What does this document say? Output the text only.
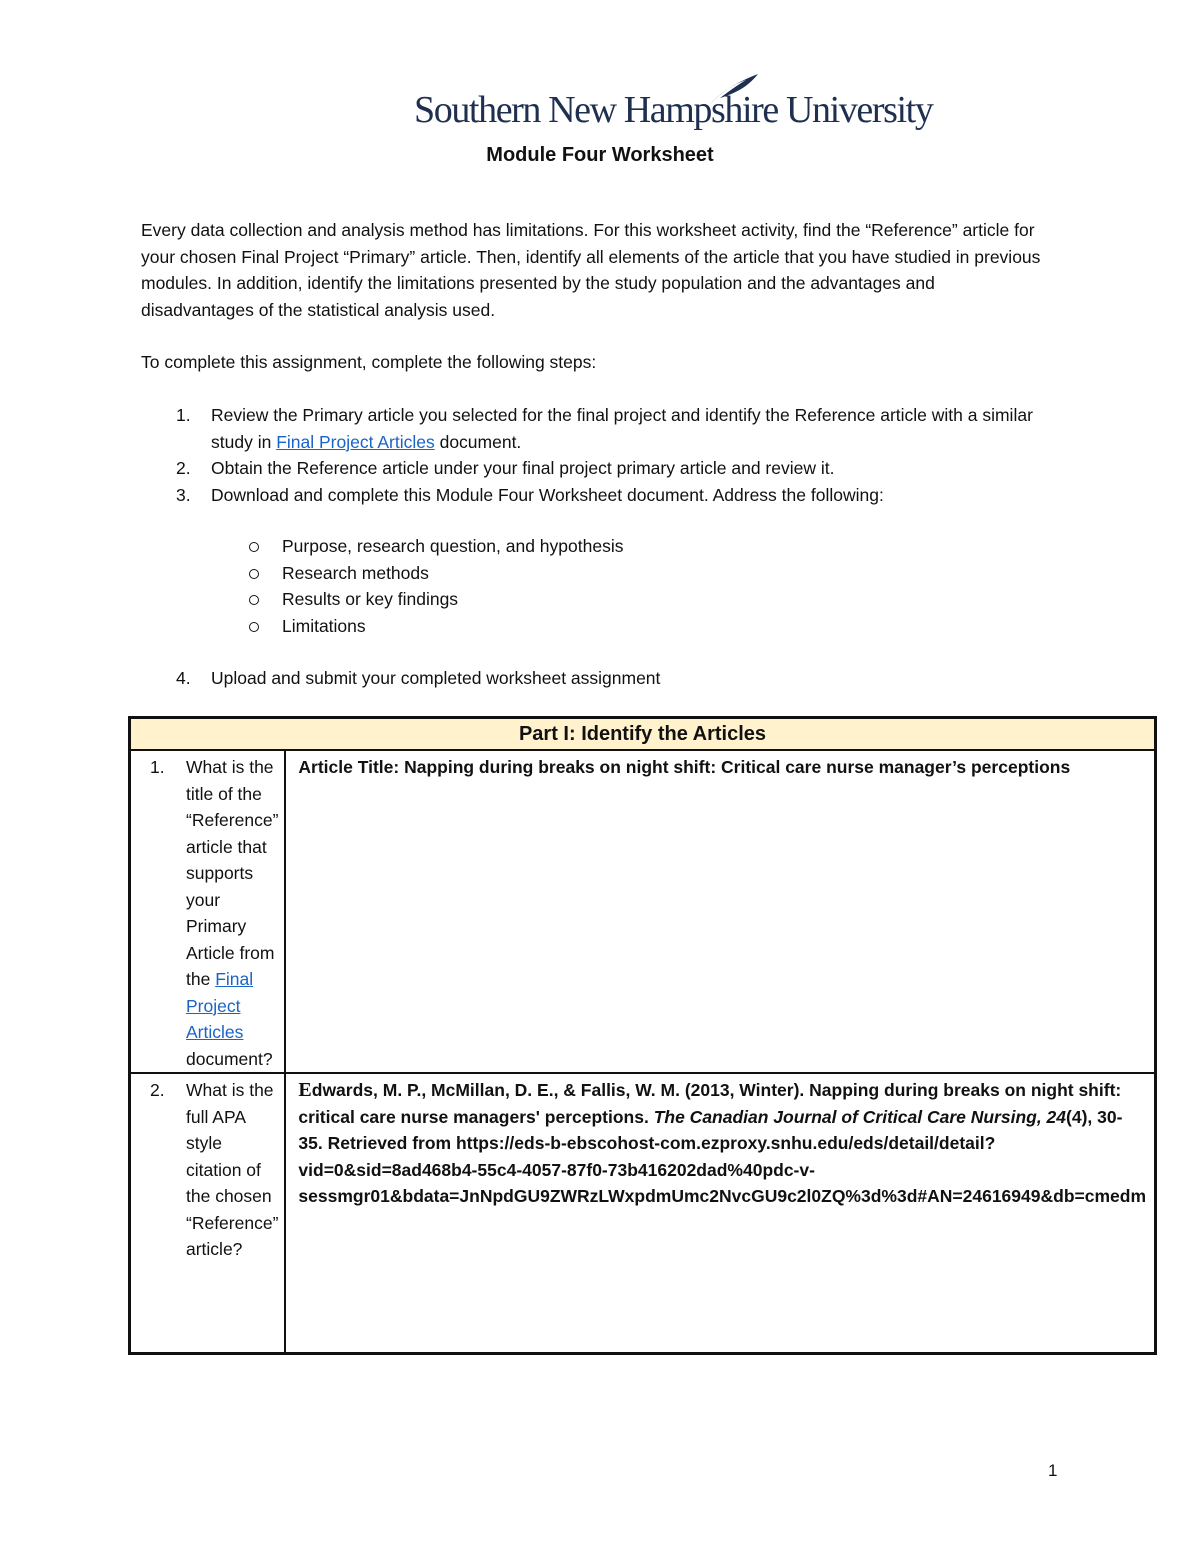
Southern New Hampshire University
Module Four Worksheet

Every data collection and analysis method has limitations. For this worksheet activity, find the “Reference” article for your chosen Final Project “Primary” article. Then, identify all elements of the article that you have studied in previous modules. In addition, identify the limitations presented by the study population and the advantages and disadvantages of the statistical analysis used.

To complete this assignment, complete the following steps:

1. Review the Primary article you selected for the final project and identify the Reference article with a similar study in Final Project Articles document.
2. Obtain the Reference article under your final project primary article and review it.
3. Download and complete this Module Four Worksheet document. Address the following:
Purpose, research question, and hypothesis
Research methods
Results or key findings
Limitations
4. Upload and submit your completed worksheet assignment
Part I: Identify the Articles	

1. What is the title of the “Reference” article that supports your Primary Article from the Final Project Articles document?	Article Title: Napping during breaks on night shift: Critical care nurse manager’s perceptions

2. What is the full APA style citation of the chosen “Reference” article?	Edwards, M. P., McMillan, D. E., & Fallis, W. M. (2013, Winter). Napping during breaks on night shift: critical care nurse managers' perceptions. The Canadian Journal of Critical Care Nursing, 24(4), 30-35. Retrieved from https://eds-b-ebscohost-com.ezproxy.snhu.edu/eds/detail/detail?vid=0&sid=8ad468b4-55c4-4057-87f0-73b416202dad%40pdc-v-sessmgr01&bdata=JnNpdGU9ZWRzLWxpdmUmc2NvcGU9c2l0ZQ%3d%3d#AN=24616949&db=cmedm
1
